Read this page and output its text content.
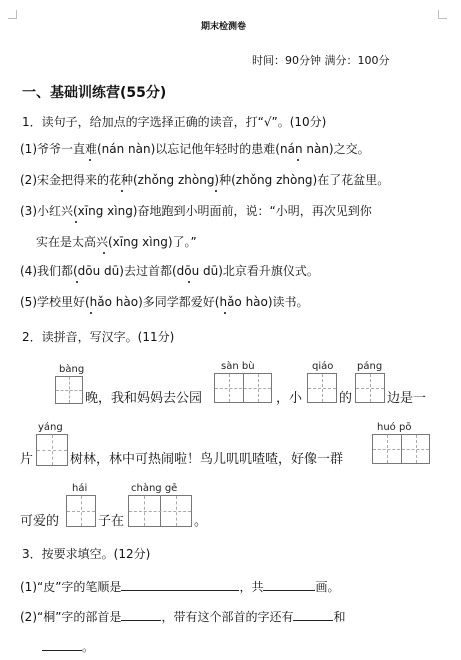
期末检测卷
时间：90分钟 满分：100分
一、基础训练营(55分)
1．读句子，给加点的字选择正确的读音，打“√”。(10分)
(1)爷爷一直难(nán nàn)以忘记他年轻时的患难(nán nàn)之交。
(2)宋金把得来的花种(zhǒng zhòng)种(zhǒng zhòng)在了花盆里。
(3)小红兴(xīng xìng)奋地跑到小明面前，说：“小明，再次见到你
实在是太高兴(xīng xìng)了。”
(4)我们都(dōu dū)去过首都(dōu dū)北京看升旗仪式。
(5)学校里好(hǎo hào)多同学都爱好(hǎo hào)读书。
2．读拼音，写汉字。(11分)
bàng
晚，我和妈妈去公园
sàn bù
，小
qiáo
的
páng
边是一
yáng
片	树林，林中可热闹啦！鸟儿叽叽喳喳，好像一群
huó pō
hái
可爱的	子在
chàng gē
。
3．按要求填空。(12分)
(1)“皮”字的笔顺是	，共	画。
(2)“桐”字的部首是	，带有这个部首的字还有	和
。
